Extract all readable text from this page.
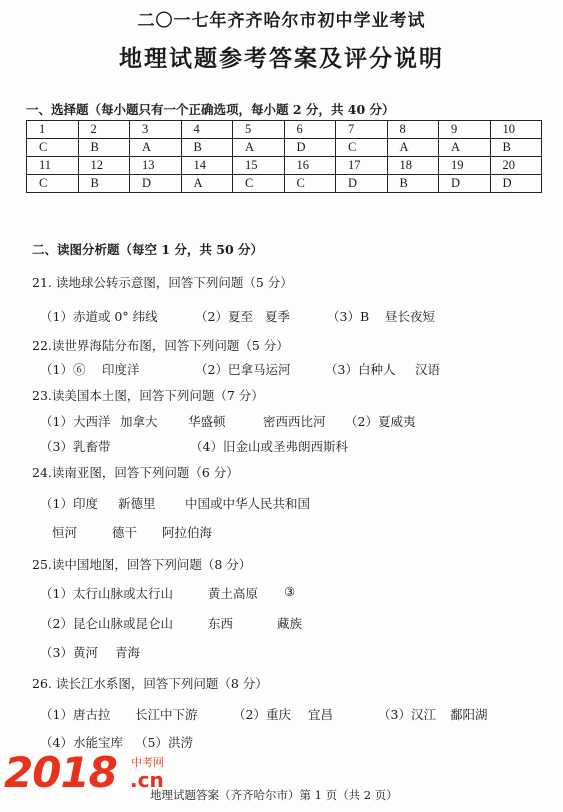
二〇一七年齐齐哈尔市初中学业考试
地理试题参考答案及评分说明
一、选择题（每小题只有一个正确选项，每小题 2 分，共 40 分）
1	2	3	4	5	6	7	8	9	10
C	B	A	B	A	D	C	A	A	B
11	12	13	14	15	16	17	18	19	20
C	B	D	A	C	C	D	B	D	D
二、读图分析题（每空 1 分，共 50 分）
21. 读地球公转示意图，回答下列问题（5 分）
（1）赤道或 0° 纬线	（2）夏至 夏季	（3）B 昼长夜短
22.读世界海陆分布图，回答下列问题（5 分）
（1）⑥ 印度洋	（2）巴拿马运河	（3）白种人 汉语
23.读美国本土图，回答下列问题（7 分）
（1）大西洋 加拿大 华盛顿	密西西比河 （2）夏威夷
（3）乳畜带	（4）旧金山或圣弗朗西斯科
24.读南亚图，回答下列问题（6 分）
（1）印度 新德里 中国或中华人民共和国
恒河	德干 阿拉伯海
25.读中国地图，回答下列问题（8 分）
（1）太行山脉或太行山	黄土高原 ③
（2）昆仑山脉或昆仑山	东西	藏族
（3）黄河 青海
26. 读长江水系图，回答下列问题（8 分）
（1）唐古拉 长江中下游	（2）重庆 宜昌	（3）汉江 鄱阳湖
（4）水能宝库 （5）洪涝
2018 中考网
.cn
地理试题答案（齐齐哈尔市）第 1 页（共 2 页）
